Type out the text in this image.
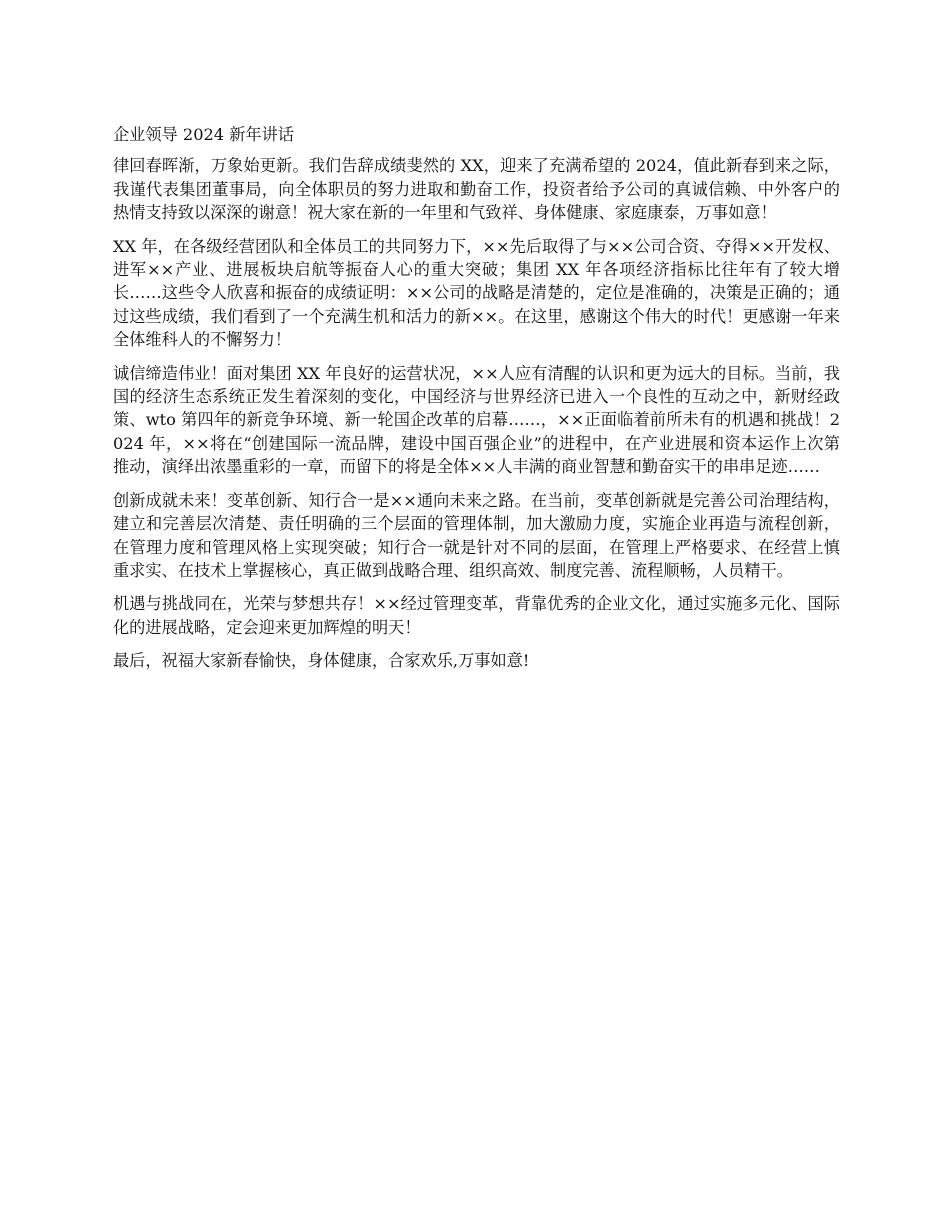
企业领导 2024 新年讲话

律回春晖渐，万象始更新。我们告辞成绩斐然的 XX，迎来了充满希望的 2024，值此新春到来之际，我谨代表集团董事局，向全体职员的努力进取和勤奋工作，投资者给予公司的真诚信赖、中外客户的热情支持致以深深的谢意！祝大家在新的一年里和气致祥、身体健康、家庭康泰，万事如意！

XX 年，在各级经营团队和全体员工的共同努力下，××先后取得了与××公司合资、夺得××开发权、进军××产业、进展板块启航等振奋人心的重大突破；集团 XX 年各项经济指标比往年有了较大增长……这些令人欣喜和振奋的成绩证明：××公司的战略是清楚的，定位是准确的，决策是正确的；通过这些成绩，我们看到了一个充满生机和活力的新××。在这里，感谢这个伟大的时代！更感谢一年来全体维科人的不懈努力！

诚信缔造伟业！面对集团 XX 年良好的运营状况，××人应有清醒的认识和更为远大的目标。当前，我国的经济生态系统正发生着深刻的变化，中国经济与世界经济已进入一个良性的互动之中，新财经政策、wto 第四年的新竞争环境、新一轮国企改革的启幕……，××正面临着前所未有的机遇和挑战！2024 年，××将在“创建国际一流品牌，建设中国百强企业”的进程中，在产业进展和资本运作上次第推动，演绎出浓墨重彩的一章，而留下的将是全体××人丰满的商业智慧和勤奋实干的串串足迹……

创新成就未来！变革创新、知行合一是××通向未来之路。在当前，变革创新就是完善公司治理结构，建立和完善层次清楚、责任明确的三个层面的管理体制，加大激励力度，实施企业再造与流程创新，在管理力度和管理风格上实现突破；知行合一就是针对不同的层面，在管理上严格要求、在经营上慎重求实、在技术上掌握核心，真正做到战略合理、组织高效、制度完善、流程顺畅，人员精干。

机遇与挑战同在，光荣与梦想共存！××经过管理变革，背靠优秀的企业文化，通过实施多元化、国际化的进展战略，定会迎来更加辉煌的明天！

最后，祝福大家新春愉快，身体健康，合家欢乐,万事如意!
